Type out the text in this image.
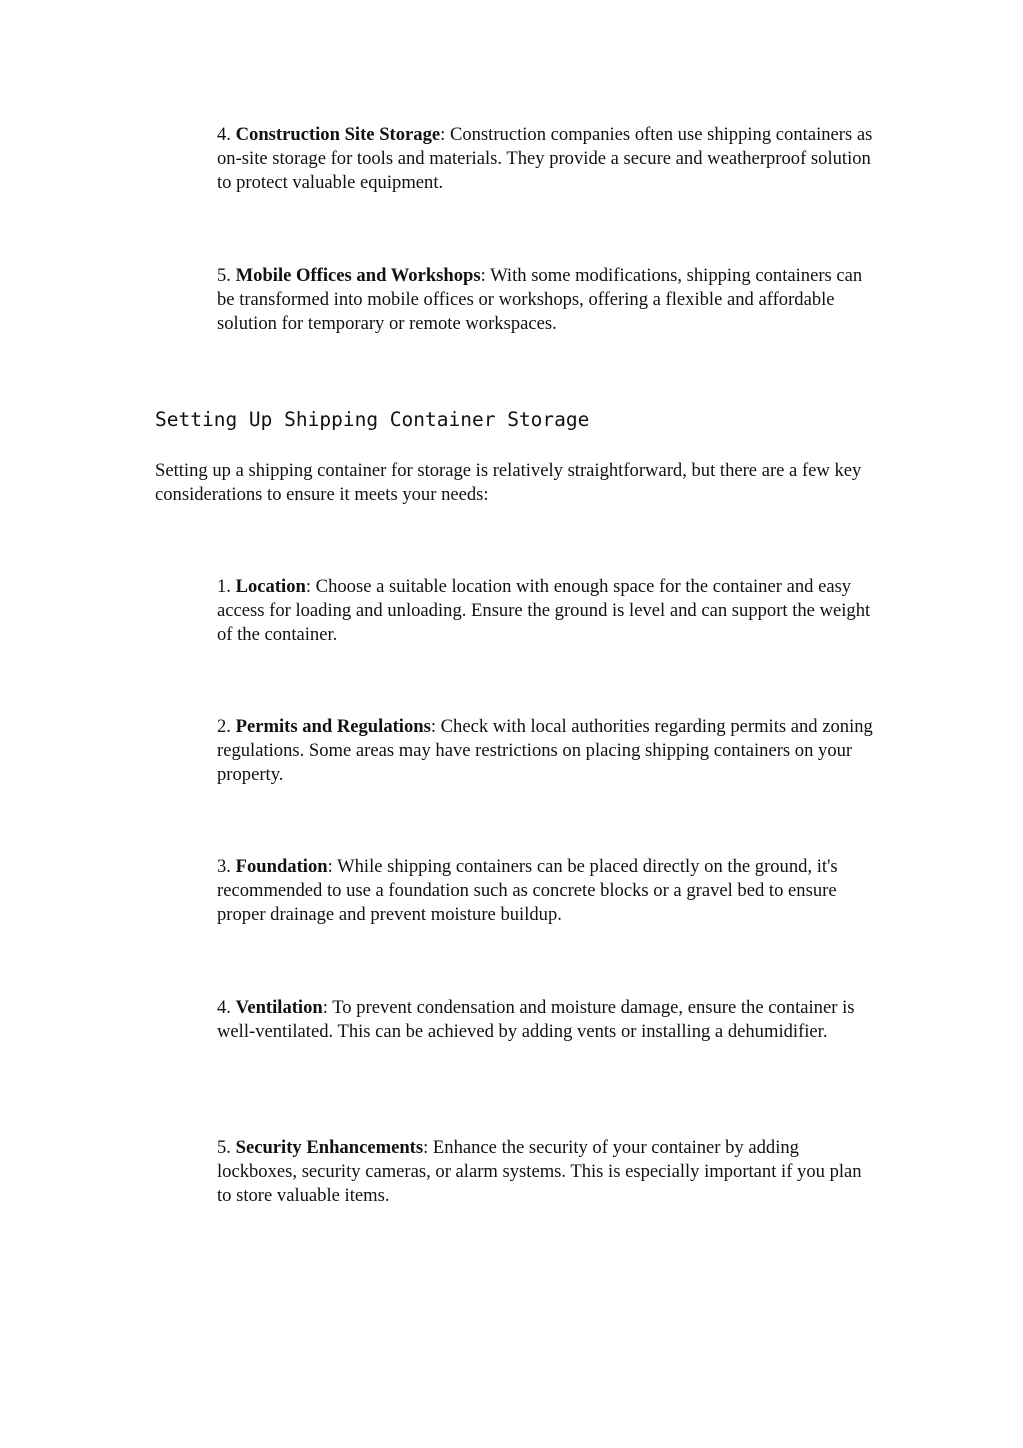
4. Construction Site Storage: Construction companies often use shipping containers as on-site storage for tools and materials. They provide a secure and weatherproof solution to protect valuable equipment.

5. Mobile Offices and Workshops: With some modifications, shipping containers can be transformed into mobile offices or workshops, offering a flexible and affordable solution for temporary or remote workspaces.

Setting Up Shipping Container Storage

Setting up a shipping container for storage is relatively straightforward, but there are a few key considerations to ensure it meets your needs:

1. Location: Choose a suitable location with enough space for the container and easy access for loading and unloading. Ensure the ground is level and can support the weight of the container.

2. Permits and Regulations: Check with local authorities regarding permits and zoning regulations. Some areas may have restrictions on placing shipping containers on your property.

3. Foundation: While shipping containers can be placed directly on the ground, it's recommended to use a foundation such as concrete blocks or a gravel bed to ensure proper drainage and prevent moisture buildup.

4. Ventilation: To prevent condensation and moisture damage, ensure the container is well-ventilated. This can be achieved by adding vents or installing a dehumidifier.

5. Security Enhancements: Enhance the security of your container by adding lockboxes, security cameras, or alarm systems. This is especially important if you plan to store valuable items.
